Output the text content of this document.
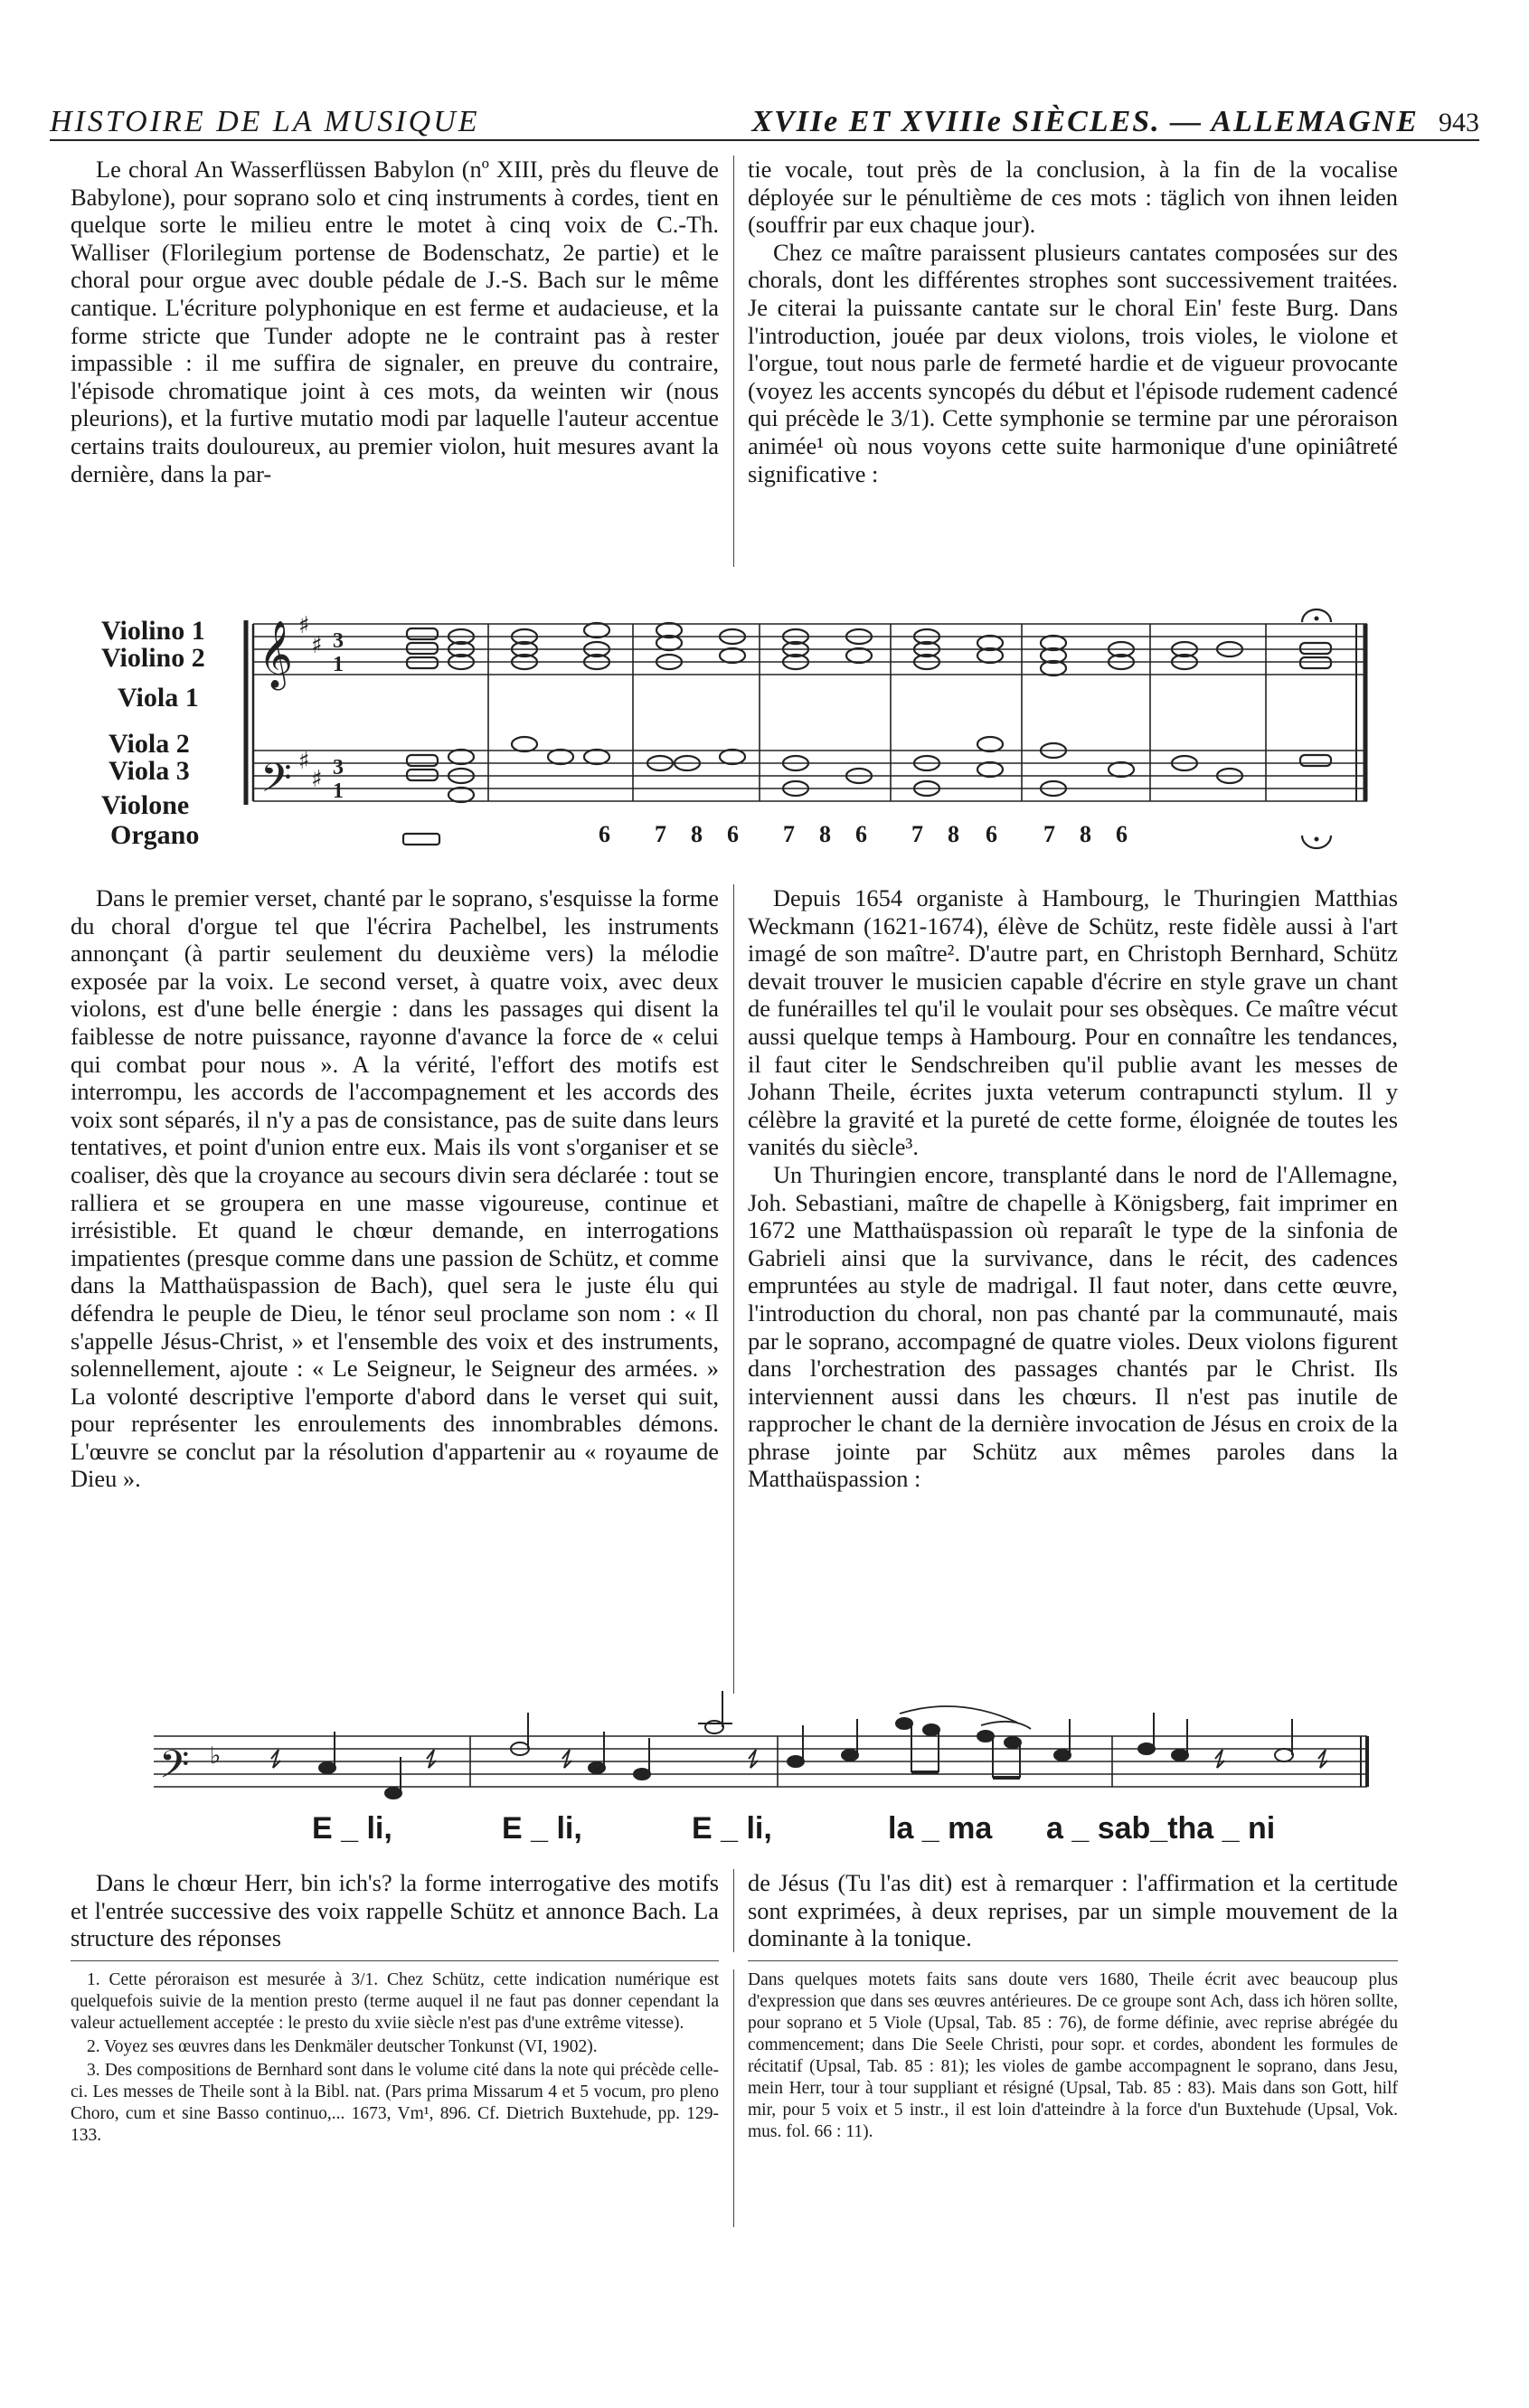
HISTOIRE DE LA MUSIQUE	XVIIe ET XVIIIe SIÈCLES. — ALLEMAGNE 943

Le choral An Wasserflüssen Babylon (nº XIII, près du fleuve de Babylone), pour soprano solo et cinq instruments à cordes, tient en quelque sorte le milieu entre le motet à cinq voix de C.-Th. Walliser (Florilegium portense de Bodenschatz, 2e partie) et le choral pour orgue avec double pédale de J.-S. Bach sur le même cantique. L'écriture polyphonique en est ferme et audacieuse, et la forme stricte que Tunder adopte ne le contraint pas à rester impassible : il me suffira de signaler, en preuve du contraire, l'épisode chromatique joint à ces mots, da weinten wir (nous pleurions), et la furtive mutatio modi par laquelle l'auteur accentue certains traits douloureux, au premier violon, huit mesures avant la dernière, dans la par-

tie vocale, tout près de la conclusion, à la fin de la vocalise déployée sur le pénultième de ces mots : täglich von ihnen leiden (souffrir par eux chaque jour).

Chez ce maître paraissent plusieurs cantates composées sur des chorals, dont les différentes strophes sont successivement traitées. Je citerai la puissante cantate sur le choral Ein' feste Burg. Dans l'introduction, jouée par deux violons, trois violes, le violone et l'orgue, tout nous parle de fermeté hardie et de vigueur provocante (voyez les accents syncopés du début et l'épisode rudement cadencé qui précède le 3/1). Cette symphonie se termine par une péroraison animée¹ où nous voyons cette suite harmonique d'une opiniâtreté significative :

Violino 1
Violino 2
Viola 1
Viola 2
Viola 3
Violone
Organo
𝄞
𝄢
♯
♯
♯
♯
3
1
3
1
6 7 8 6 7 8 6 7 8 6 7 8 6

Dans le premier verset, chanté par le soprano, s'esquisse la forme du choral d'orgue tel que l'écrira Pachelbel, les instruments annonçant (à partir seulement du deuxième vers) la mélodie exposée par la voix. Le second verset, à quatre voix, avec deux violons, est d'une belle énergie : dans les passages qui disent la faiblesse de notre puissance, rayonne d'avance la force de « celui qui combat pour nous ». A la vérité, l'effort des motifs est interrompu, les accords de l'accompagnement et les accords des voix sont séparés, il n'y a pas de consistance, pas de suite dans leurs tentatives, et point d'union entre eux. Mais ils vont s'organiser et se coaliser, dès que la croyance au secours divin sera déclarée : tout se ralliera et se groupera en une masse vigoureuse, continue et irrésistible. Et quand le chœur demande, en interrogations impatientes (presque comme dans une passion de Schütz, et comme dans la Matthaüspassion de Bach), quel sera le juste élu qui défendra le peuple de Dieu, le ténor seul proclame son nom : « Il s'appelle Jésus-Christ, » et l'ensemble des voix et des instruments, solennellement, ajoute : « Le Seigneur, le Seigneur des armées. » La volonté descriptive l'emporte d'abord dans le verset qui suit, pour représenter les enroulements des innombrables démons. L'œuvre se conclut par la résolution d'appartenir au « royaume de Dieu ».

Depuis 1654 organiste à Hambourg, le Thuringien Matthias Weckmann (1621-1674), élève de Schütz, reste fidèle aussi à l'art imagé de son maître². D'autre part, en Christoph Bernhard, Schütz devait trouver le musicien capable d'écrire en style grave un chant de funérailles tel qu'il le voulait pour ses obsèques. Ce maître vécut aussi quelque temps à Hambourg. Pour en connaître les tendances, il faut citer le Sendschreiben qu'il publie avant les messes de Johann Theile, écrites juxta veterum contrapuncti stylum. Il y célèbre la gravité et la pureté de cette forme, éloignée de toutes les vanités du siècle³.

Un Thuringien encore, transplanté dans le nord de l'Allemagne, Joh. Sebastiani, maître de chapelle à Königsberg, fait imprimer en 1672 une Matthaüspassion où reparaît le type de la sinfonia de Gabrieli ainsi que la survivance, dans le récit, des cadences empruntées au style de madrigal. Il faut noter, dans cette œuvre, l'introduction du choral, non pas chanté par la communauté, mais par le soprano, accompagné de quatre violes. Deux violons figurent dans l'orchestration des passages chantés par le Christ. Ils interviennent aussi dans les chœurs. Il n'est pas inutile de rapprocher le chant de la dernière invocation de Jésus en croix de la phrase jointe par Schütz aux mêmes paroles dans la Matthaüspassion :

𝄢 ♭
E _ li,	E _ li,	E _ li,	la _ ma a _ sab_tha _ ni

Dans le chœur Herr, bin ich's? la forme interrogative des motifs et l'entrée successive des voix rappelle Schütz et annonce Bach. La structure des réponses

de Jésus (Tu l'as dit) est à remarquer : l'affirmation et la certitude sont exprimées, à deux reprises, par un simple mouvement de la dominante à la tonique.

1. Cette péroraison est mesurée à 3/1. Chez Schütz, cette indication numérique est quelquefois suivie de la mention presto (terme auquel il ne faut pas donner cependant la valeur actuellement acceptée : le presto du xviie siècle n'est pas d'une extrême vitesse).

2. Voyez ses œuvres dans les Denkmäler deutscher Tonkunst (VI, 1902).

3. Des compositions de Bernhard sont dans le volume cité dans la note qui précède celle-ci. Les messes de Theile sont à la Bibl. nat. (Pars prima Missarum 4 et 5 vocum, pro pleno Choro, cum et sine Basso continuo,... 1673, Vm¹, 896. Cf. Dietrich Buxtehude, pp. 129-133.

Dans quelques motets faits sans doute vers 1680, Theile écrit avec beaucoup plus d'expression que dans ses œuvres antérieures. De ce groupe sont Ach, dass ich hören sollte, pour soprano et 5 Viole (Upsal, Tab. 85 : 76), de forme définie, avec reprise abrégée du commencement; dans Die Seele Christi, pour sopr. et cordes, abondent les formules de récitatif (Upsal, Tab. 85 : 81); les violes de gambe accompagnent le soprano, dans Jesu, mein Herr, tour à tour suppliant et résigné (Upsal, Tab. 85 : 83). Mais dans son Gott, hilf mir, pour 5 voix et 5 instr., il est loin d'atteindre à la force d'un Buxtehude (Upsal, Vok. mus. fol. 66 : 11).
